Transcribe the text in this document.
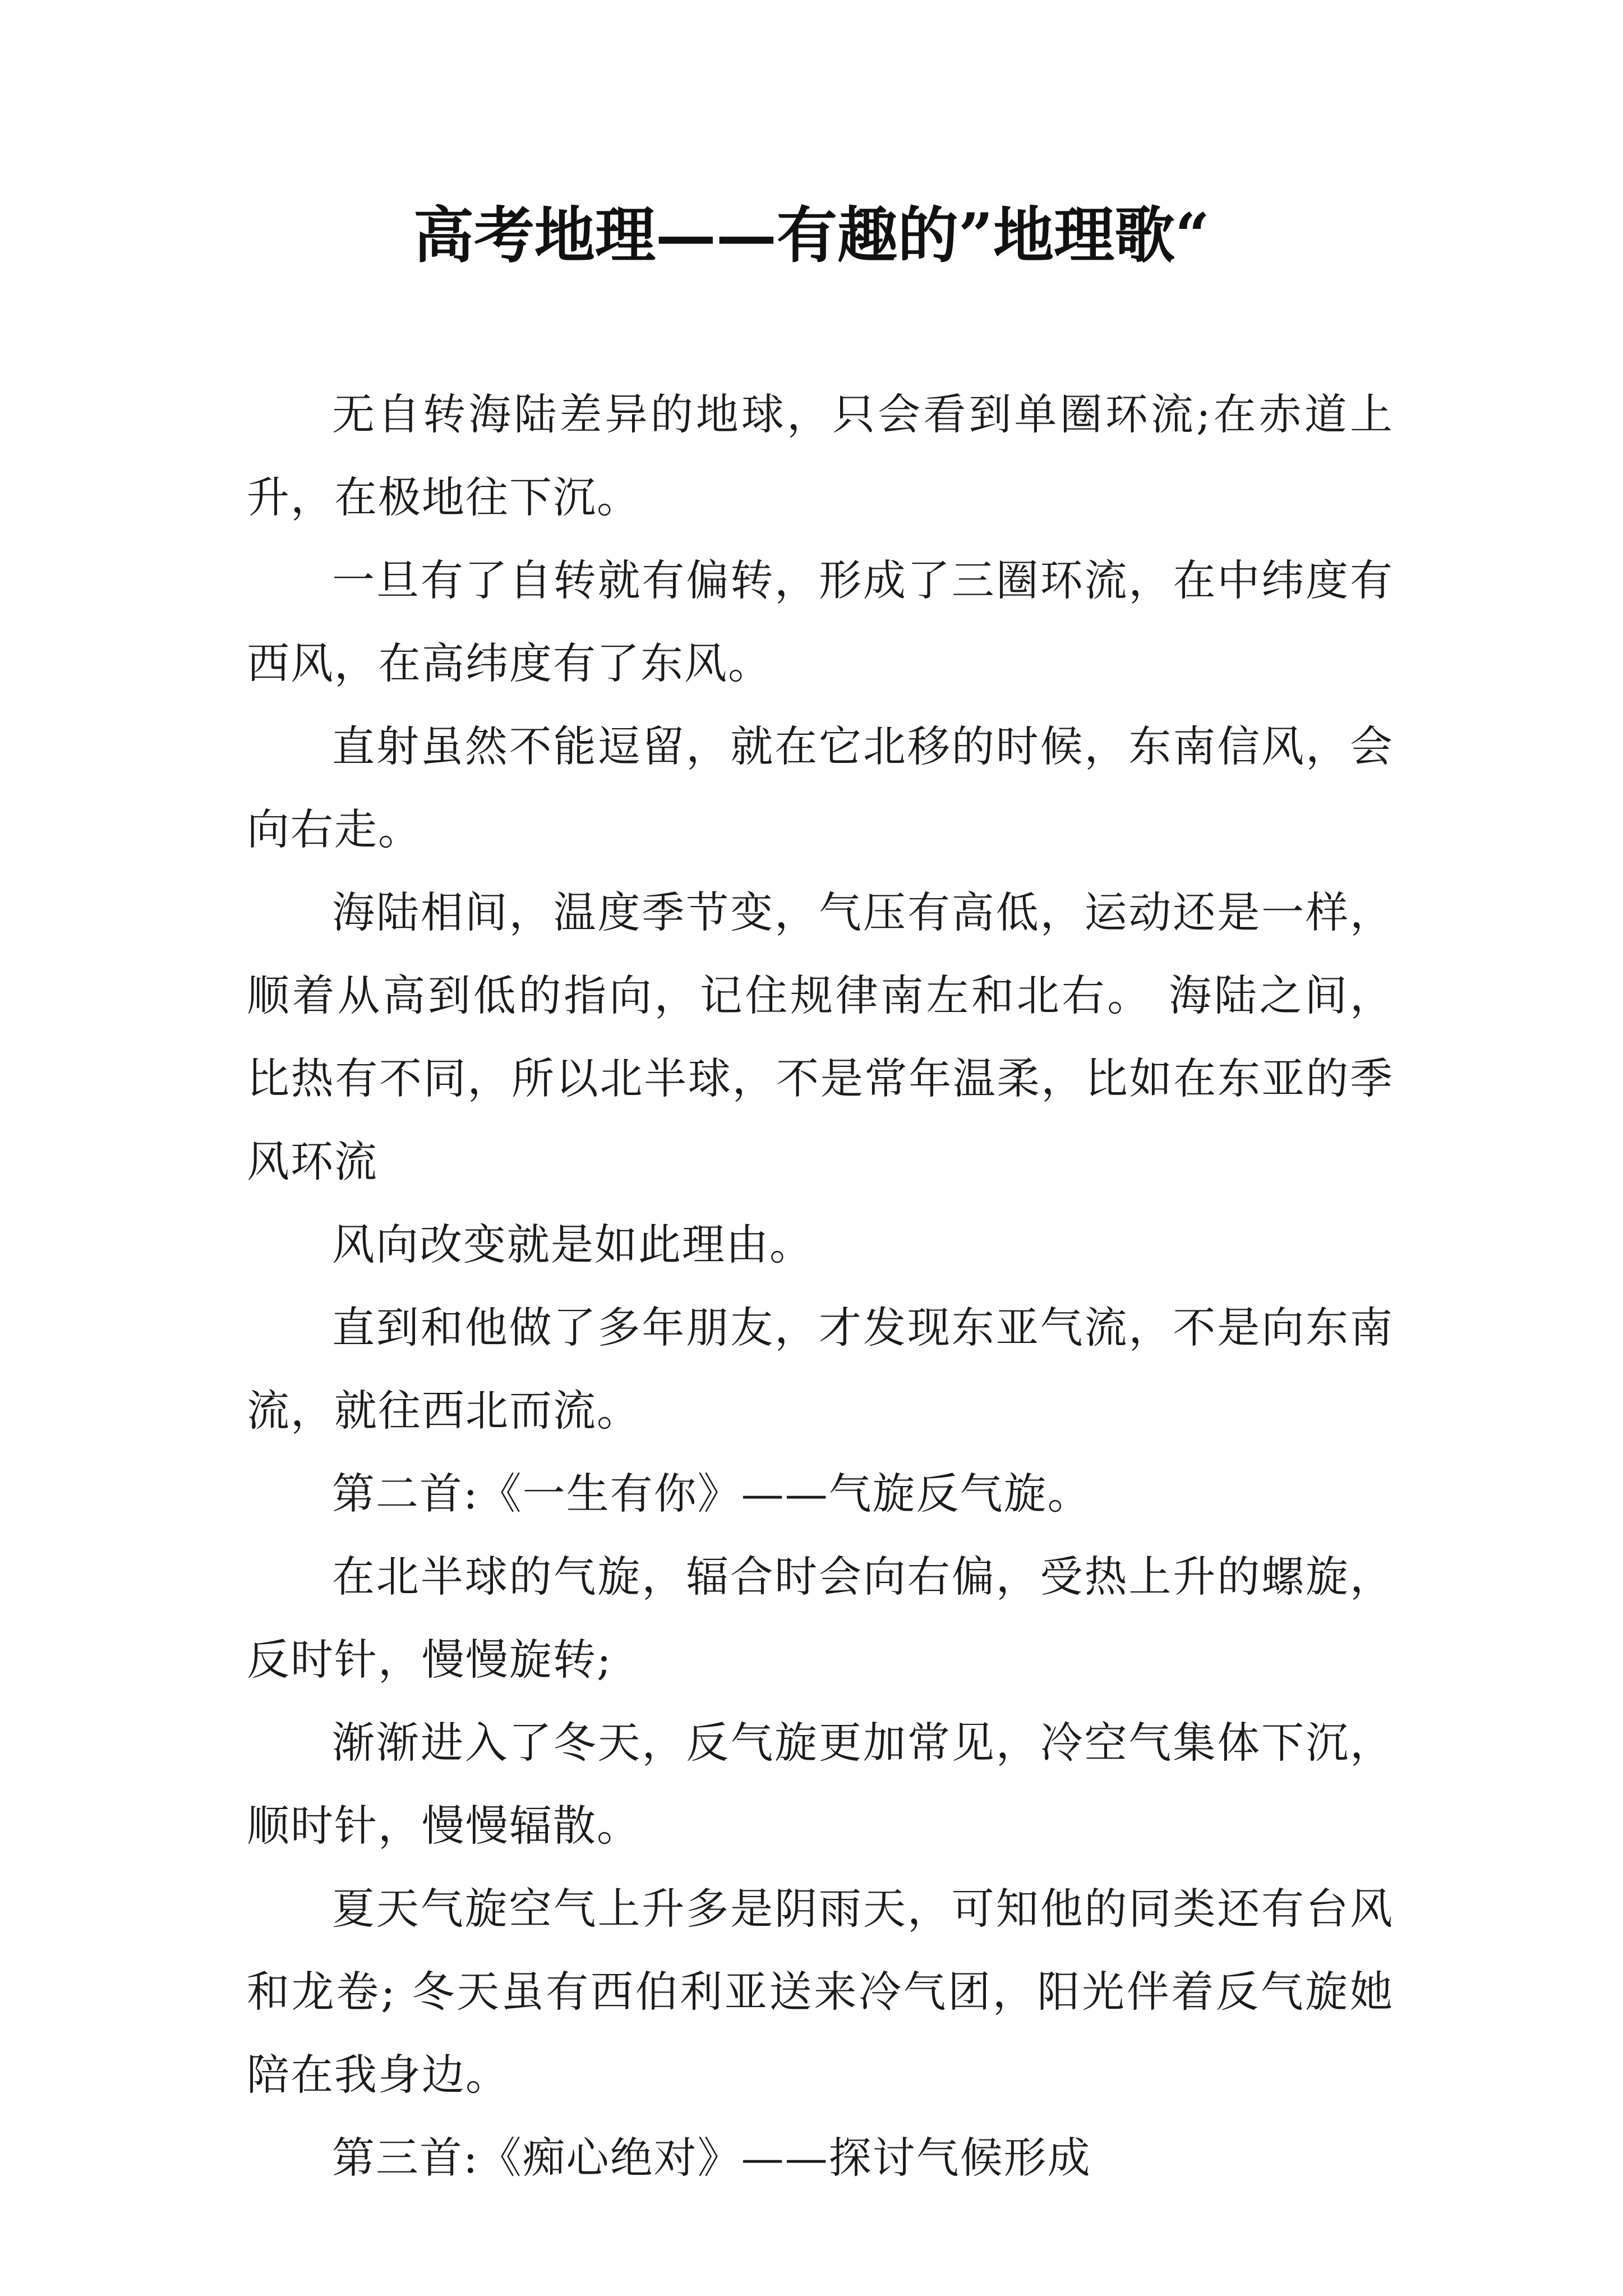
高考地理——有趣的”地理歌“

无自转海陆差异的地球，只会看到单圈环流;在赤道上升，在极地往下沉。

一旦有了自转就有偏转，形成了三圈环流，在中纬度有西风，在高纬度有了东风。

直射虽然不能逗留，就在它北移的时候，东南信风，会向右走。

海陆相间，温度季节变，气压有高低，运动还是一样，顺着从高到低的指向，记住规律南左和北右。 海陆之间，比热有不同，所以北半球，不是常年温柔，比如在东亚的季风环流

风向改变就是如此理由。

直到和他做了多年朋友，才发现东亚气流，不是向东南流，就往西北而流。

第二首:《一生有你》——气旋反气旋。

在北半球的气旋，辐合时会向右偏，受热上升的螺旋，反时针，慢慢旋转;

渐渐进入了冬天，反气旋更加常见，冷空气集体下沉，顺时针，慢慢辐散。

夏天气旋空气上升多是阴雨天，可知他的同类还有台风和龙卷; 冬天虽有西伯利亚送来冷气团，阳光伴着反气旋她陪在我身边。

第三首:《痴心绝对》——探讨气候形成
